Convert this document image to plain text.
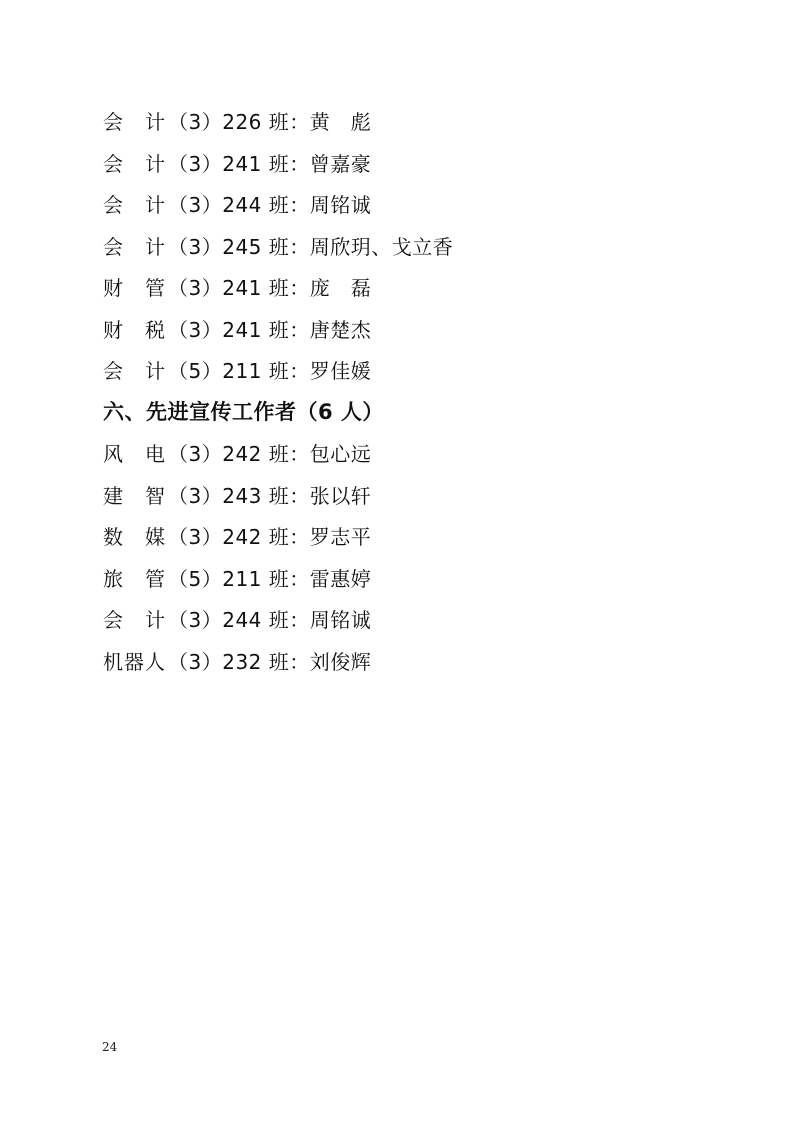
会　计 （3）226 班： 黄　彪
会　计 （3）241 班： 曾嘉豪
会　计 （3）244 班： 周铭诚
会　计 （3）245 班： 周欣玥、戈立香
财　管 （3）241 班： 庞　磊
财　税 （3）241 班： 唐楚杰
会　计 （5）211 班： 罗佳媛
六、先进宣传工作者（6 人）
风　电 （3）242 班： 包心远
建　智 （3）243 班： 张以轩
数　媒 （3）242 班： 罗志平
旅　管 （5）211 班： 雷惠婷
会　计 （3）244 班： 周铭诚
机器人 （3）232 班： 刘俊辉
24
